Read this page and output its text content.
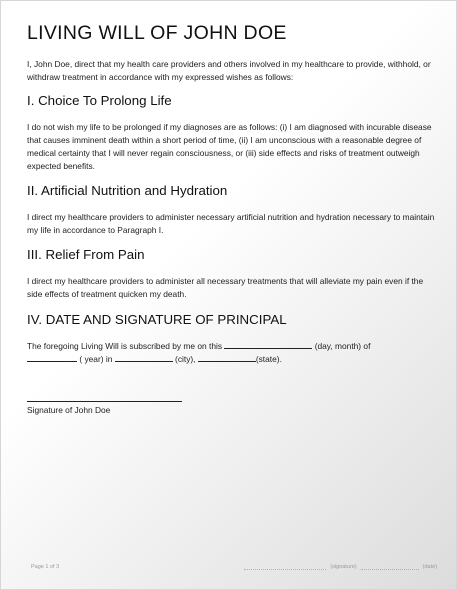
LIVING WILL OF JOHN DOE

I, John Doe, direct that my health care providers and others involved in my healthcare to provide, withhold, or withdraw treatment in accordance with my expressed wishes as follows:

I. Choice To Prolong Life

I do not wish my life to be prolonged if my diagnoses are as follows: (i) I am diagnosed with incurable disease that causes imminent death within a short period of time, (ii) I am unconscious with a reasonable degree of medical certainty that I will never regain consciousness, or (iii) side effects and risks of treatment outweigh expected benefits.

II. Artificial Nutrition and Hydration

I direct my healthcare providers to administer necessary artificial nutrition and hydration necessary to maintain my life in accordance to Paragraph I.

III. Relief From Pain

I direct my healthcare providers to administer all necessary treatments that will alleviate my pain even if the side effects of treatment quicken my death.

IV. DATE AND SIGNATURE OF PRINCIPAL

The foregoing Living Will is subscribed by me on this	(day, month) of
( year) in	(city),	(state).

Signature of John Doe
Page 1 of 3	(signature)	(date)
